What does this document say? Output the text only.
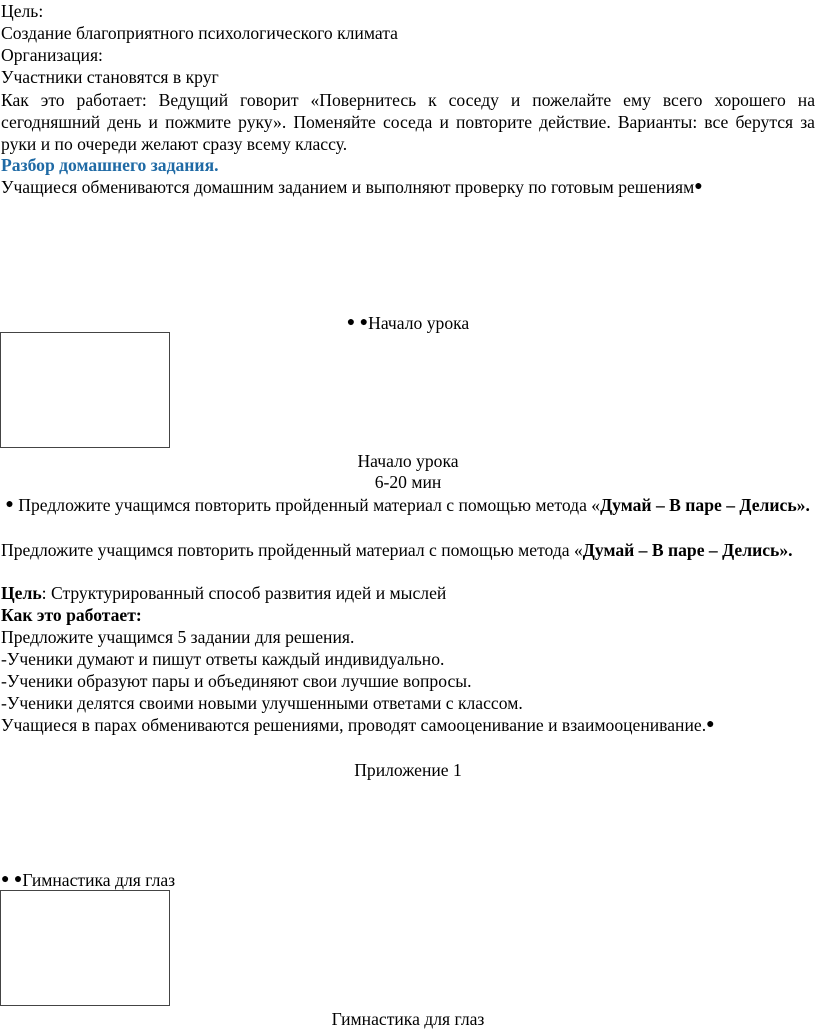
Цель:
Создание благоприятного психологического климата
Организация:
Участники становятся в круг
Как это работает: Ведущий говорит «Повернитесь к соседу и пожелайте ему всего хорошего на сегодняшний день и пожмите руку». Поменяйте соседа и повторите действие. Варианты: все берутся за руки и по очереди желают сразу всему классу.
Разбор домашнего задания.
Учащиеся обмениваются домашним заданием и выполняют проверку по готовым решениям●
● ●Начало урока
Начало урока
6-20 мин
● Предложите учащимся повторить пройденный материал с помощью метода «Думай – В паре – Делись».
Предложите учащимся повторить пройденный материал с помощью метода «Думай – В паре – Делись».
Цель: Структурированный способ развития идей и мыслей
Как это работает:
Предложите учащимся 5 задании для решения.
-Ученики думают и пишут ответы каждый индивидуально.
-Ученики образуют пары и объединяют свои лучшие вопросы.
-Ученики делятся своими новыми улучшенными ответами с классом.
Учащиеся в парах обмениваются решениями, проводят самооценивание и взаимооценивание.●
Приложение 1
● ●Гимнастика для глаз
Гимнастика для глаз
